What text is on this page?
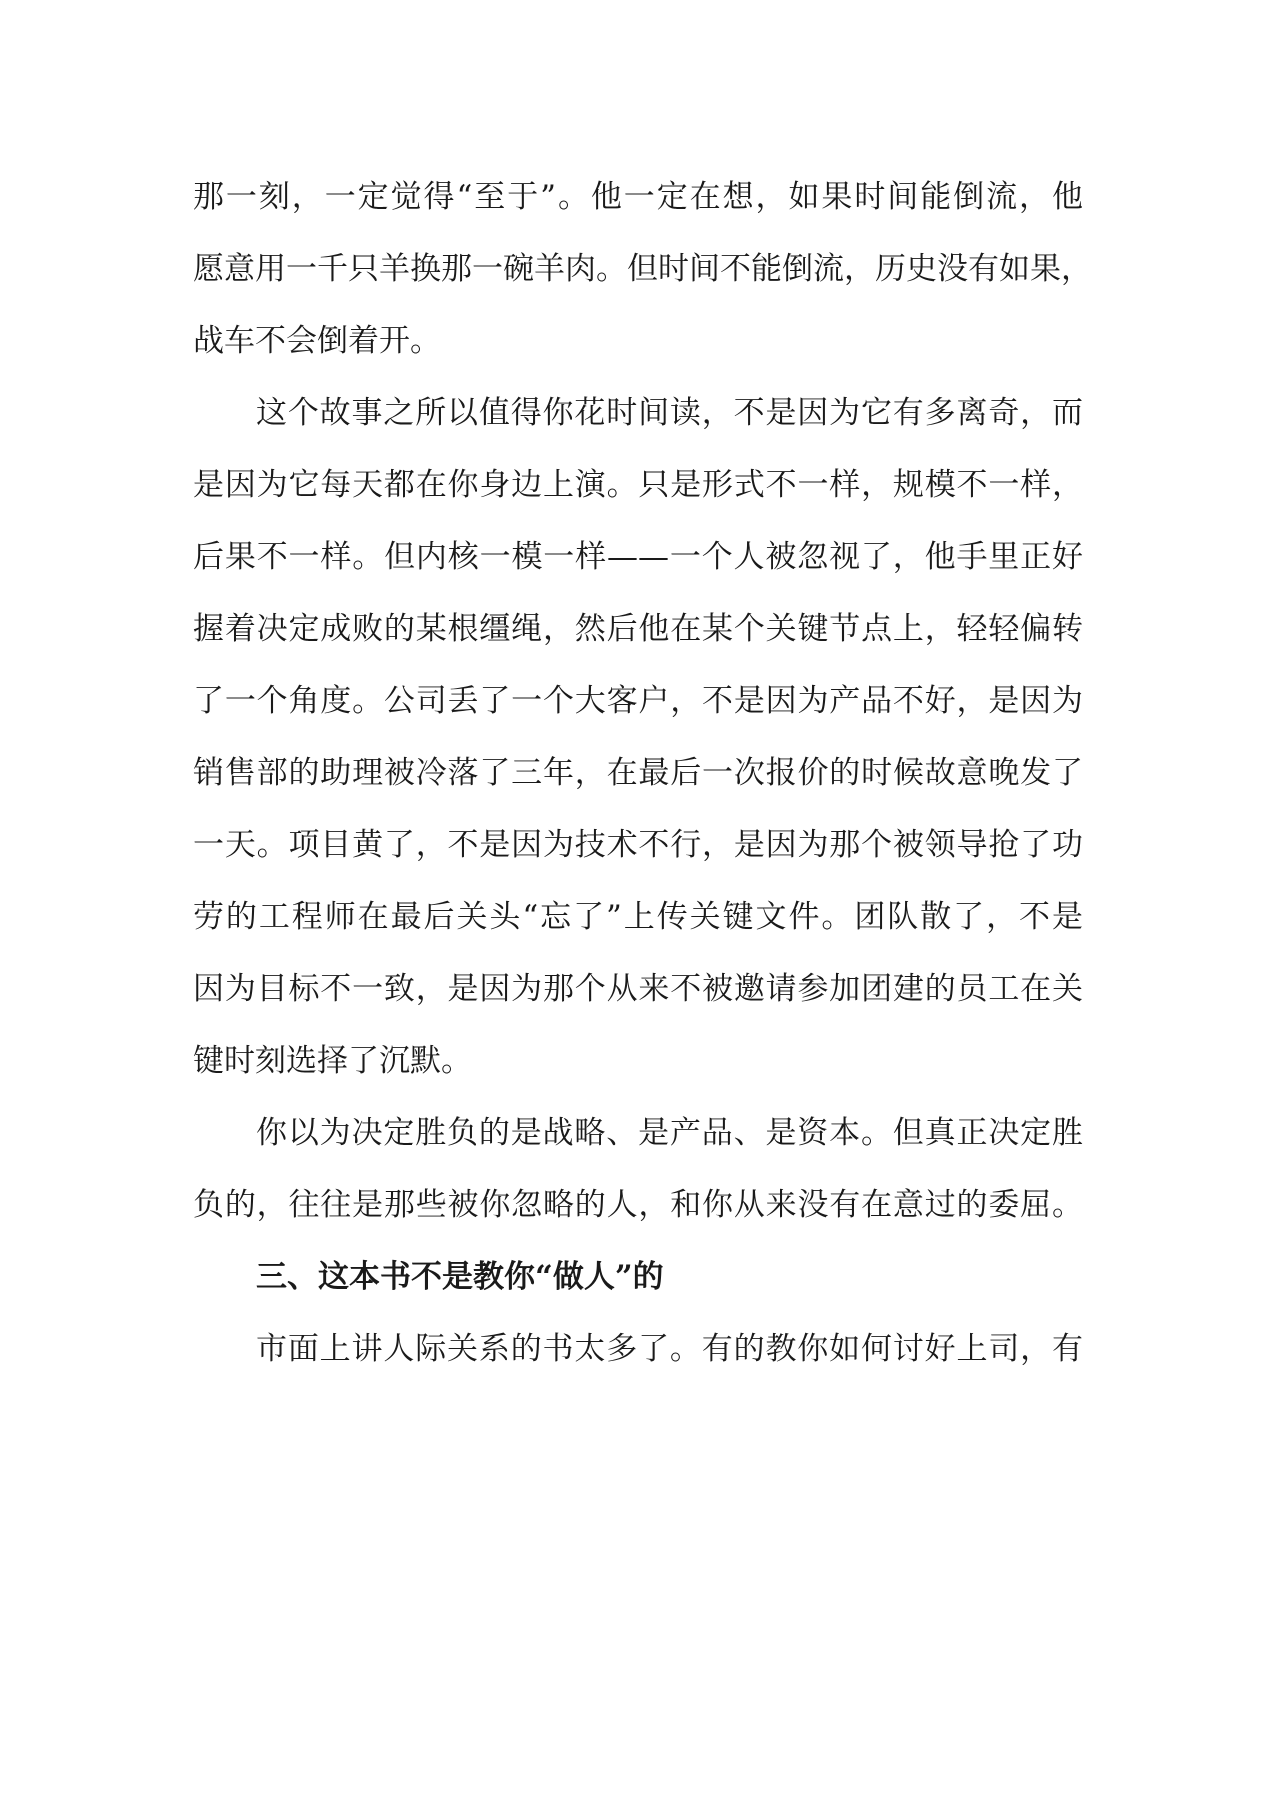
那一刻，一定觉得“至于”。他一定在想，如果时间能倒流，他
愿意用一千只羊换那一碗羊肉。但时间不能倒流，历史没有如果，
战车不会倒着开。
这个故事之所以值得你花时间读，不是因为它有多离奇，而
是因为它每天都在你身边上演。只是形式不一样，规模不一样，
后果不一样。但内核一模一样——一个人被忽视了，他手里正好
握着决定成败的某根缰绳，然后他在某个关键节点上，轻轻偏转
了一个角度。公司丢了一个大客户，不是因为产品不好，是因为
销售部的助理被冷落了三年，在最后一次报价的时候故意晚发了
一天。项目黄了，不是因为技术不行，是因为那个被领导抢了功
劳的工程师在最后关头“忘了”上传关键文件。团队散了，不是
因为目标不一致，是因为那个从来不被邀请参加团建的员工在关
键时刻选择了沉默。
你以为决定胜负的是战略、是产品、是资本。但真正决定胜
负的，往往是那些被你忽略的人，和你从来没有在意过的委屈。
三、这本书不是教你“做人”的
市面上讲人际关系的书太多了。有的教你如何讨好上司，有
